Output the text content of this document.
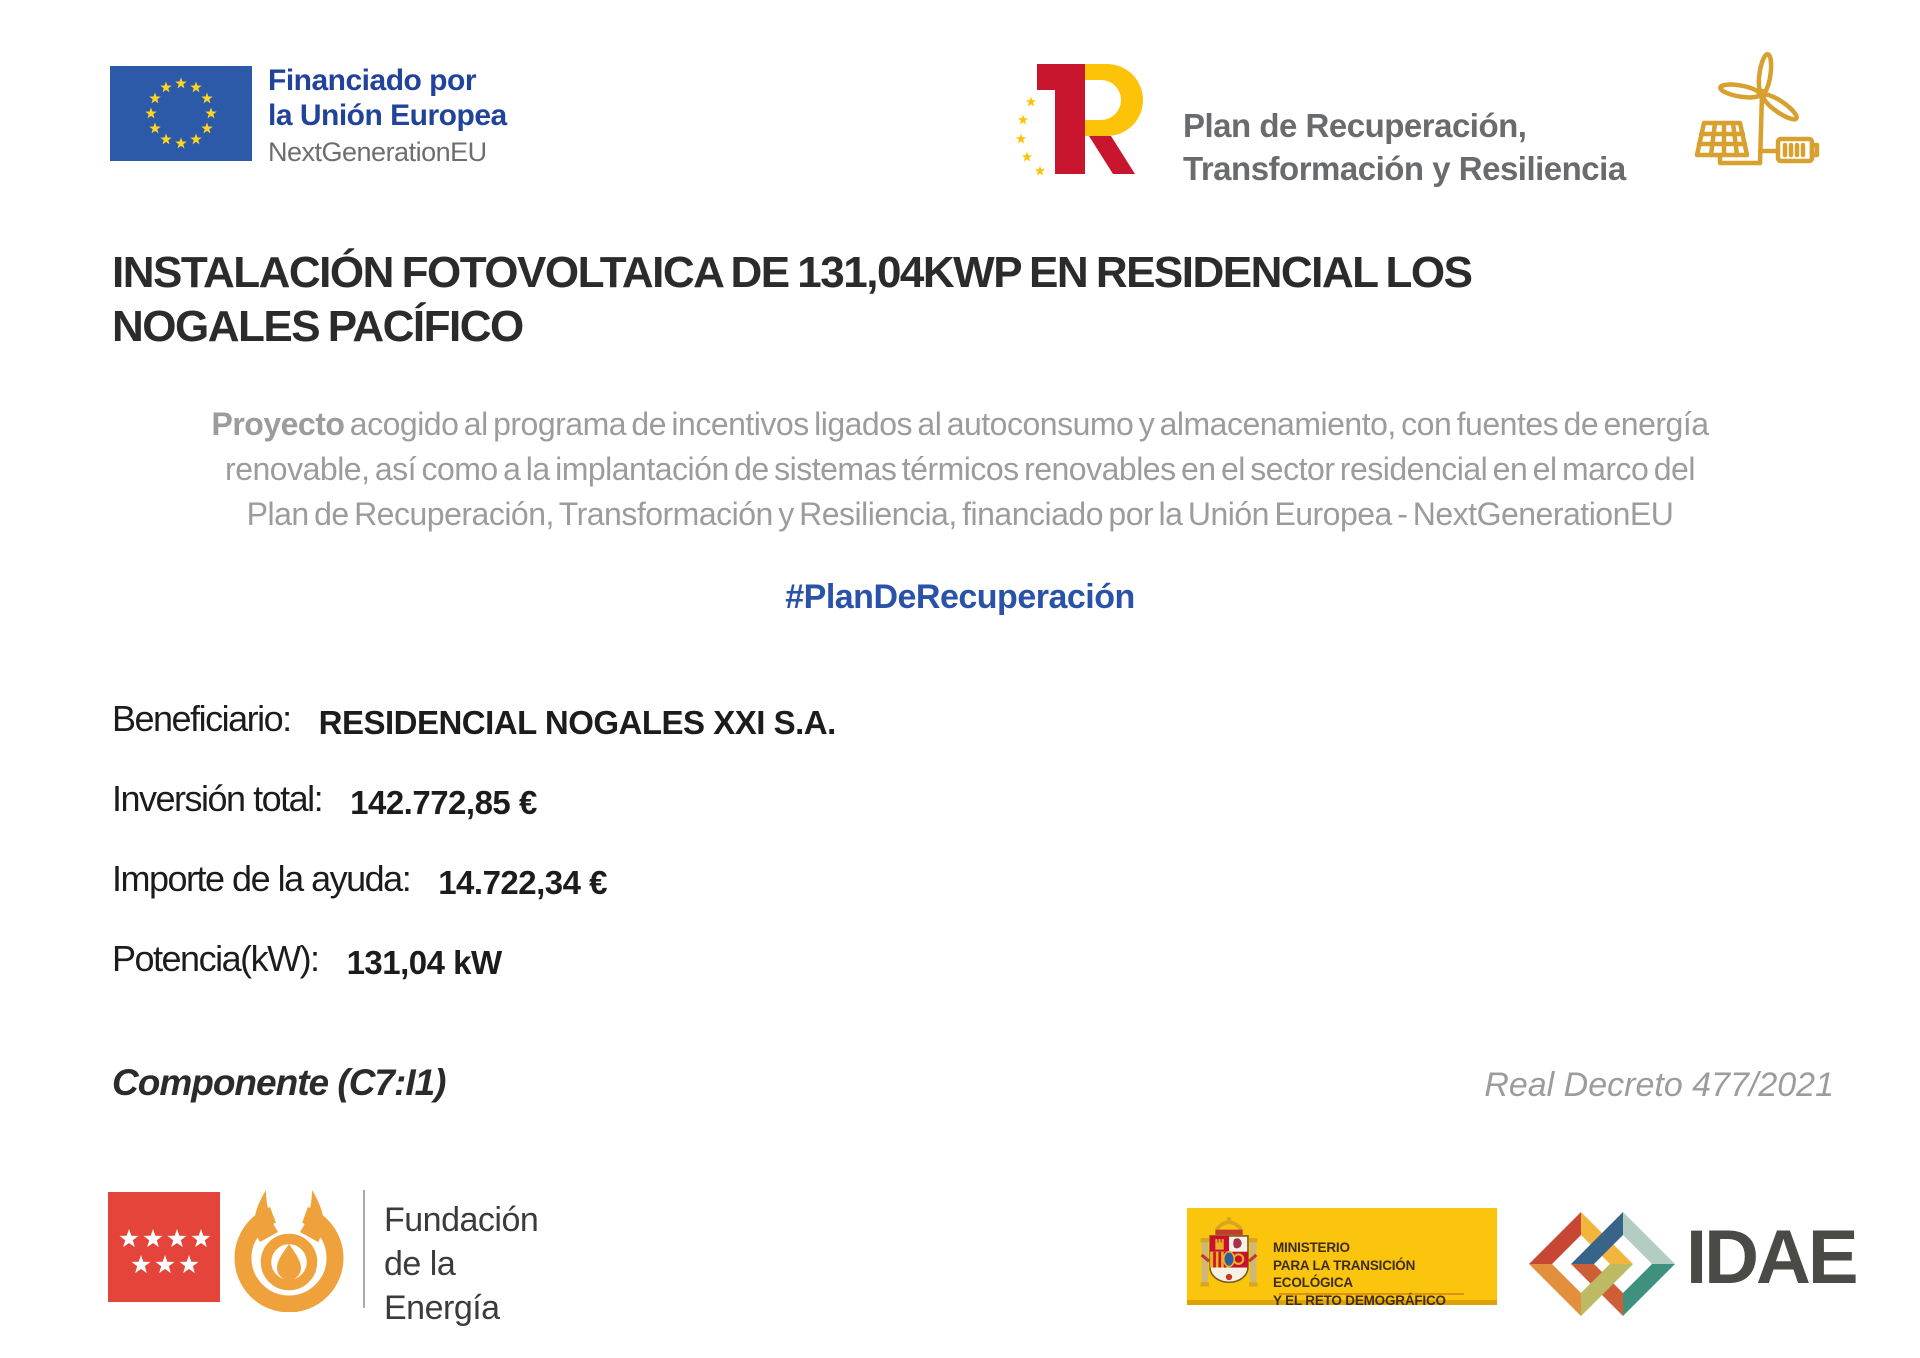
Financiado por
la Unión Europea
NextGenerationEU
Plan de Recuperación,
Transformación y Resiliencia
INSTALACIÓN FOTOVOLTAICA DE 131,04KWP EN RESIDENCIAL LOS NOGALES PACÍFICO

Proyecto acogido al programa de incentivos ligados al autoconsumo y almacenamiento, con fuentes de energía
renovable, así como a la implantación de sistemas térmicos renovables en el sector residencial en el marco del
Plan de Recuperación, Transformación y Resiliencia, financiado por la Unión Europea - NextGenerationEU

#PlanDeRecuperación
Beneficiario: RESIDENCIAL NOGALES XXI S.A.
Inversión total: 142.772,85 €
Importe de la ayuda: 14.722,34 €
Potencia(kW): 131,04 kW
Componente (C7:I1)	Real Decreto 477/2021
Fundación
de la
Energía
MINISTERIO
PARA LA TRANSICIÓN ECOLÓGICA
Y EL RETO DEMOGRÁFICO	IDAE
